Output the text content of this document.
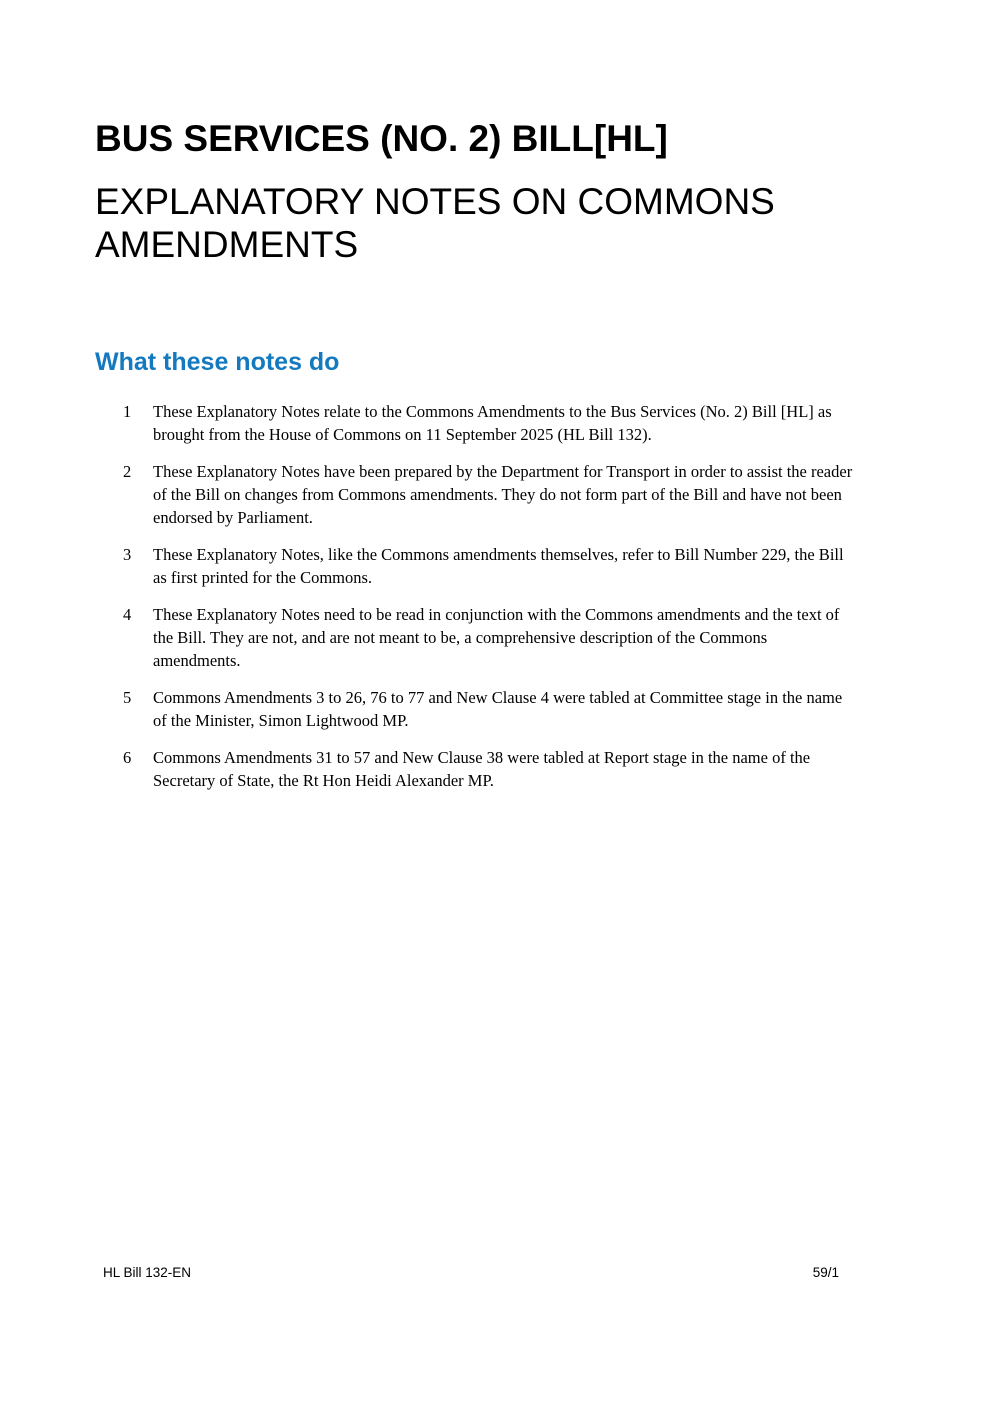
BUS SERVICES (NO. 2) BILL[HL]
EXPLANATORY NOTES ON COMMONS AMENDMENTS
What these notes do
1	These Explanatory Notes relate to the Commons Amendments to the Bus Services (No. 2) Bill [HL] as brought from the House of Commons on 11 September 2025 (HL Bill 132).
2	These Explanatory Notes have been prepared by the Department for Transport in order to assist the reader of the Bill on changes from Commons amendments. They do not form part of the Bill and have not been endorsed by Parliament.
3	These Explanatory Notes, like the Commons amendments themselves, refer to Bill Number 229, the Bill as first printed for the Commons.
4	These Explanatory Notes need to be read in conjunction with the Commons amendments and the text of the Bill. They are not, and are not meant to be, a comprehensive description of the Commons amendments.
5	Commons Amendments 3 to 26, 76 to 77 and New Clause 4 were tabled at Committee stage in the name of the Minister, Simon Lightwood MP.
6	Commons Amendments 31 to 57 and New Clause 38 were tabled at Report stage in the name of the Secretary of State, the Rt Hon Heidi Alexander MP.
HL Bill 132-EN	59/1
